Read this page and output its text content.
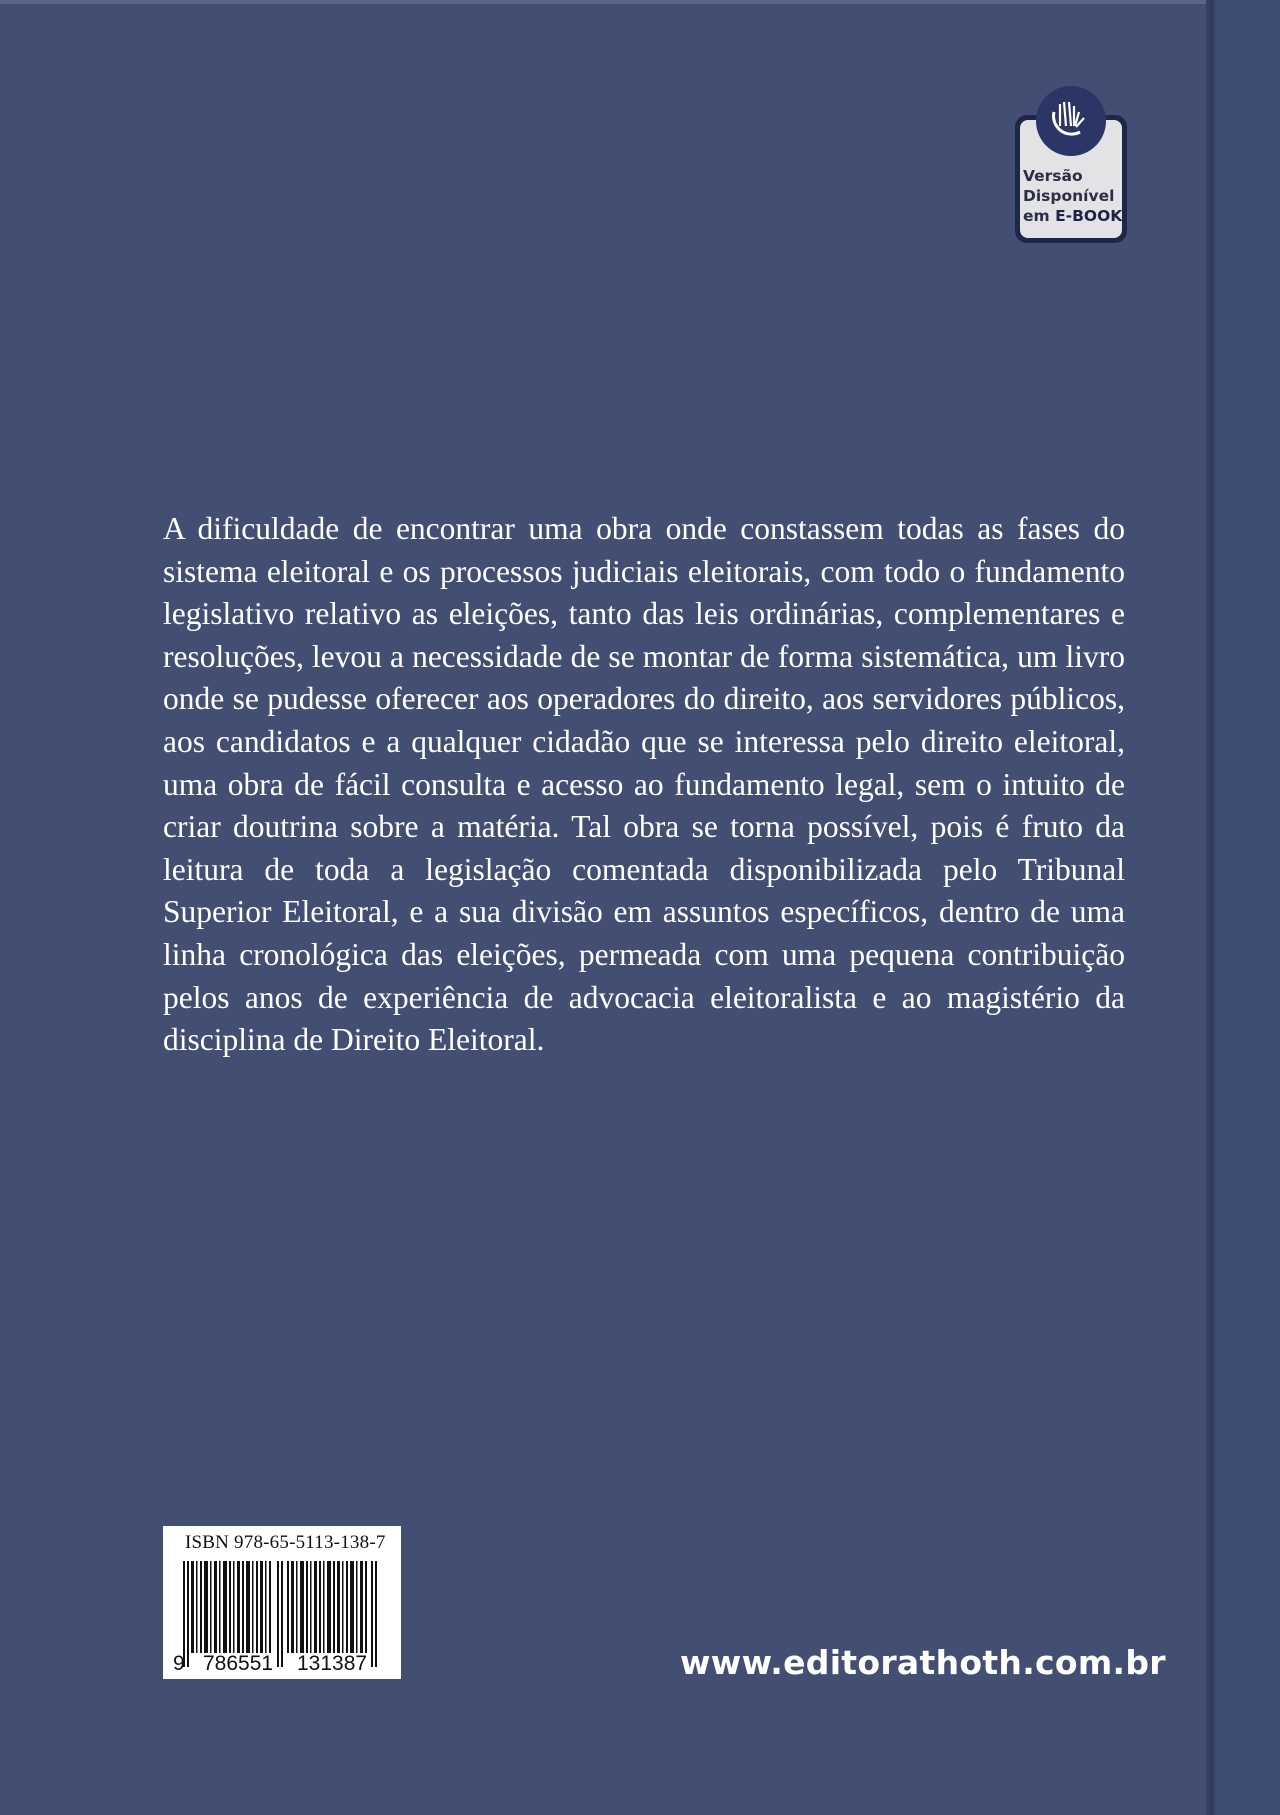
Versão
Disponível
em E-BOOK

A dificuldade de encontrar uma obra onde constassem todas as fases do sistema eleitoral e os processos judiciais eleitorais, com todo o fundamento legislativo relativo as eleições, tanto das leis ordinárias, complementares e resoluções, levou a necessidade de se montar de forma sistemática, um livro onde se pudesse oferecer aos operadores do direito, aos servidores públicos, aos candidatos e a qualquer cidadão que se interessa pelo direito eleitoral, uma obra de fácil consulta e acesso ao fundamento legal, sem o intuito de criar doutrina sobre a matéria. Tal obra se torna possível, pois é fruto da leitura de toda a legislação comentada disponibilizada pelo Tribunal Superior Eleitoral, e a sua divisão em assuntos específicos, dentro de uma linha cronológica das eleições, permeada com uma pequena contribuição pelos anos de experiência de advocacia eleitoralista e ao magistério da disciplina de Direito Eleitoral.

ISBN 978-65-5113-138-7
9 786551 131387	www.editorathoth.com.br
